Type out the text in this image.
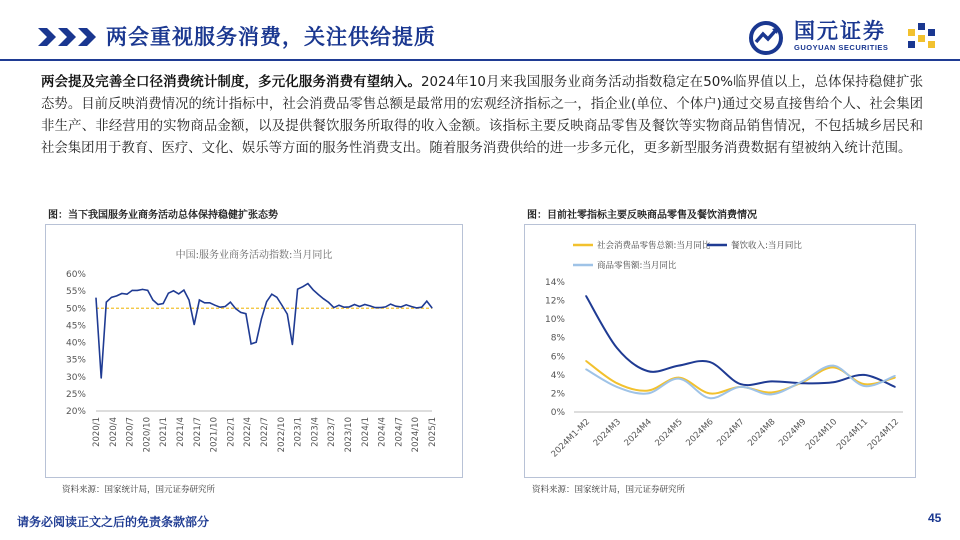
两会重视服务消费，关注供给提质	国元证券
GUOYUAN SECURITIES
两会提及完善全口径消费统计制度，多元化服务消费有望纳入。2024年10月来我国服务业商务活动指数稳定在50%临界值以上，总体保持稳健扩张态势。目前反映消费情况的统计指标中，社会消费品零售总额是最常用的宏观经济指标之一，指企业(单位、个体户)通过交易直接售给个人、社会集团非生产、非经营用的实物商品金额，以及提供餐饮服务所取得的收入金额。该指标主要反映商品零售及餐饮等实物商品销售情况，不包括城乡居民和社会集团用于教育、医疗、文化、娱乐等方面的服务性消费支出。随着服务消费供给的进一步多元化，更多新型服务消费数据有望被纳入统计范围。
图：当下我国服务业商务活动总体保持稳健扩张态势	图：目前社零指标主要反映商品零售及餐饮消费情况
中国:服务业商务活动指数:当月同比
20%
25%
30%
35%
40%
45%
50%
55%
60%
2020/1 2020/4 2020/7 2020/10 2021/1 2021/4 2021/7 2021/10 2022/1 2022/4 2022/7 2022/10 2023/1 2023/4 2023/7 2023/10 2024/1 2024/4 2024/7 2024/10 2025/1
社会消费品零售总额:当月同比 餐饮收入:当月同比
商品零售额:当月同比
0%
2%
4%
6%
8%
10%
12%
14%
2024M1-M2 2024M3 2024M4 2024M5 2024M6 2024M7 2024M8 2024M9
2024M10
2024M11
2024M12
资料来源：国家统计局，国元证券研究所	资料来源：国家统计局，国元证券研究所
请务必阅读正文之后的免责条款部分	45
